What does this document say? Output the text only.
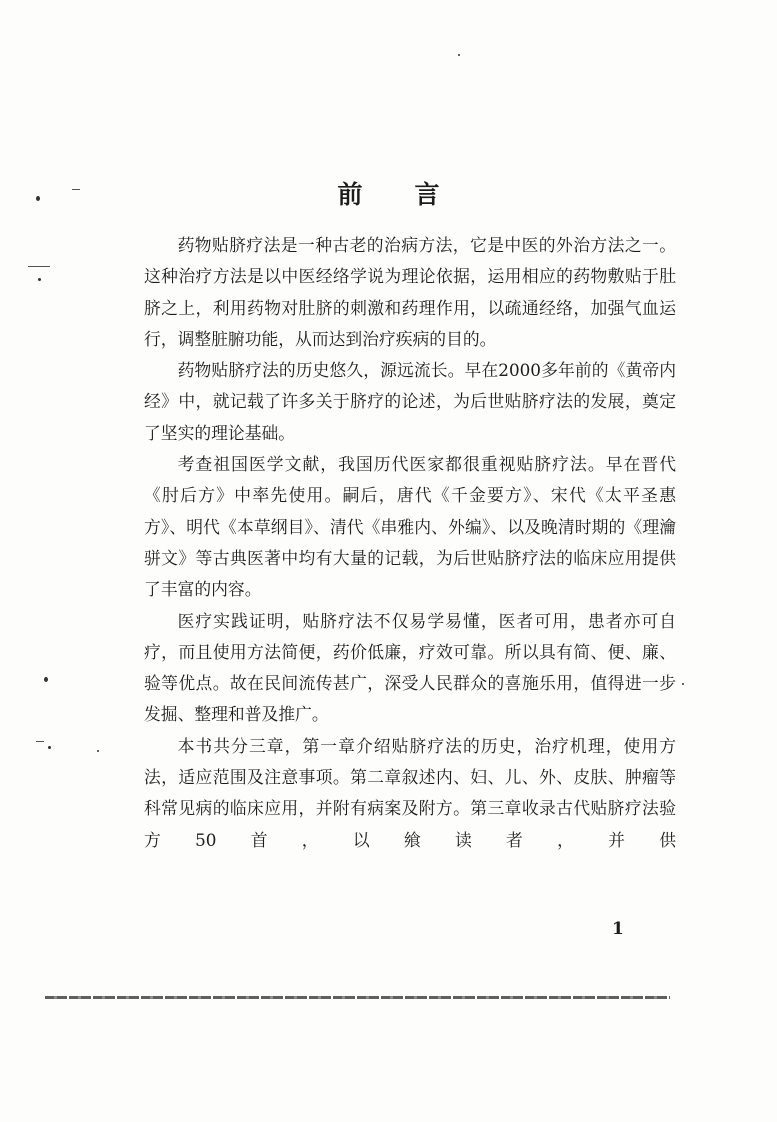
前言

药物贴脐疗法是一种古老的治病方法，它是中医的外治方法之一。这种治疗方法是以中医经络学说为理论依据，运用相应的药物敷贴于肚脐之上，利用药物对肚脐的刺激和药理作用，以疏通经络，加强气血运行，调整脏腑功能，从而达到治疗疾病的目的。

药物贴脐疗法的历史悠久，源远流长。早在2000多年前的《黄帝内经》中，就记载了许多关于脐疗的论述，为后世贴脐疗法的发展，奠定了坚实的理论基础。

考查祖国医学文献，我国历代医家都很重视贴脐疗法。早在晋代《肘后方》中率先使用。嗣后，唐代《千金要方》、宋代《太平圣惠方》、明代《本草纲目》、清代《串雅内、外编》、以及晚清时期的《理瀹骈文》等古典医著中均有大量的记载，为后世贴脐疗法的临床应用提供了丰富的内容。

医疗实践证明，贴脐疗法不仅易学易懂，医者可用，患者亦可自疗，而且使用方法简便，药价低廉，疗效可靠。所以具有简、便、廉、验等优点。故在民间流传甚广，深受人民群众的喜施乐用，值得进一步发掘、整理和普及推广。

本书共分三章，第一章介绍贴脐疗法的历史，治疗机理，使用方法，适应范围及注意事项。第二章叙述内、妇、儿、外、皮肤、肿瘤等科常见病的临床应用，并附有病案及附方。第三章收录古代贴脐疗法验方50首，以飨读者，并供

1
